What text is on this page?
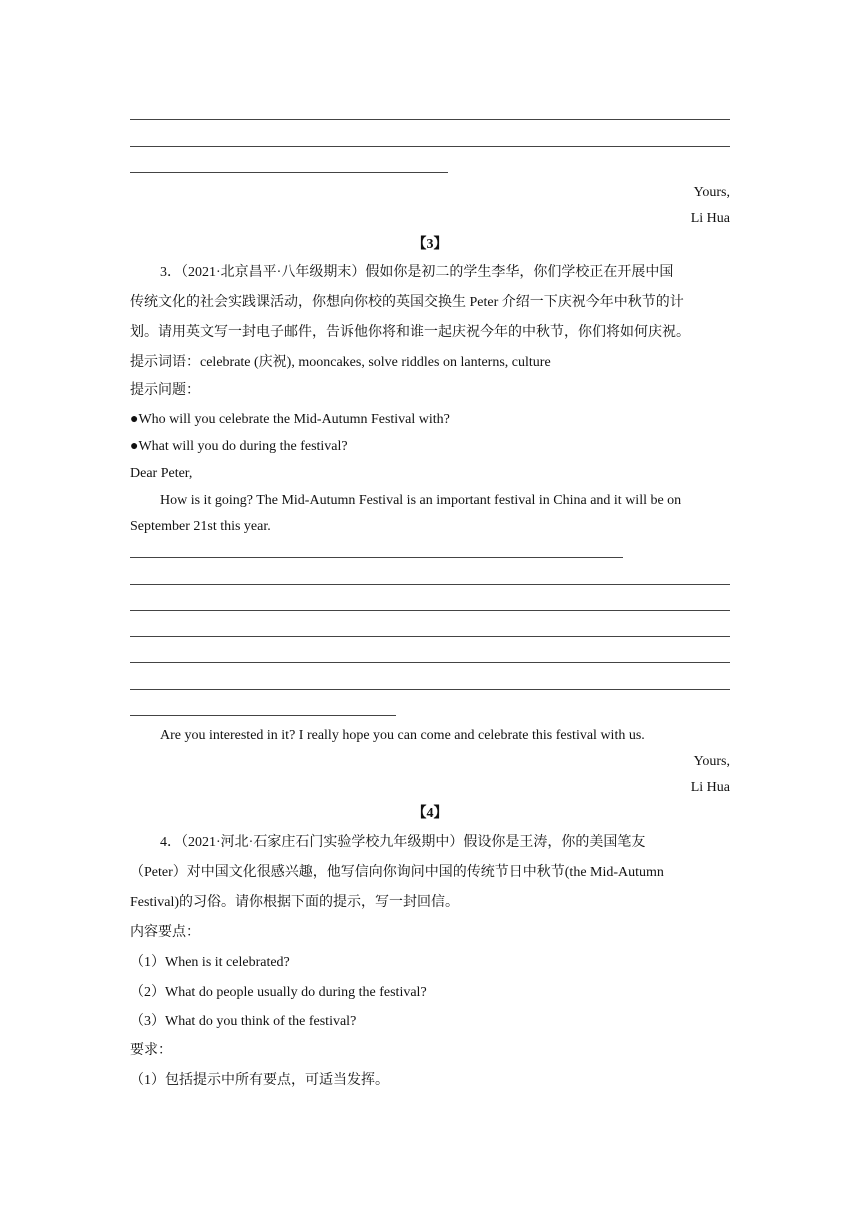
Yours,
Li Hua
【3】
3．（2021·北京昌平·八年级期末）假如你是初二的学生李华，你们学校正在开展中国
传统文化的社会实践课活动，你想向你校的英国交换生 Peter 介绍一下庆祝今年中秋节的计
划。请用英文写一封电子邮件，告诉他你将和谁一起庆祝今年的中秋节，你们将如何庆祝。
提示词语：celebrate (庆祝), mooncakes, solve riddles on lanterns, culture
提示问题：
●Who will you celebrate the Mid-Autumn Festival with?
●What will you do during the festival?
Dear Peter,
How is it going? The Mid-Autumn Festival is an important festival in China and it will be on
September 21st this year.
Are you interested in it? I really hope you can come and celebrate this festival with us.
Yours,
Li Hua
【4】
4．（2021·河北·石家庄石门实验学校九年级期中）假设你是王涛，你的美国笔友
（Peter）对中国文化很感兴趣，他写信向你询问中国的传统节日中秋节(the Mid-Autumn
Festival)的习俗。请你根据下面的提示，写一封回信。
内容要点：
（1）When is it celebrated?
（2）What do people usually do during the festival?
（3）What do you think of the festival?
要求：
（1）包括提示中所有要点，可适当发挥。
